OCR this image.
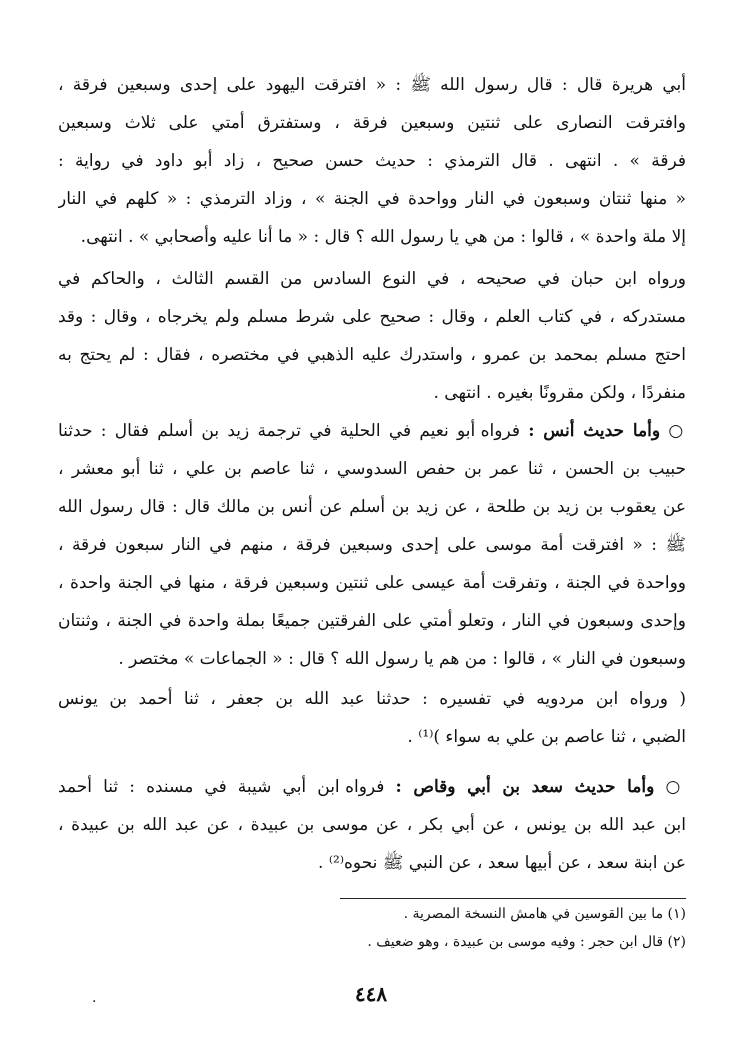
أبي هريرة قال : قال رسول الله ﷺ : « افترقت اليهود على إحدى وسبعين فرقة ،
وافترقت النصارى على ثنتين وسبعين فرقة ، وستفترق أمتي على ثلاث وسبعين
فرقة » . انتهى . قال الترمذي : حديث حسن صحيح ، زاد أبو داود في رواية :
« منها ثنتان وسبعون في النار وواحدة في الجنة » ، وزاد الترمذي : « كلهم في النار
إلا ملة واحدة » ، قالوا : من هي يا رسول الله ؟ قال : « ما أنا عليه وأصحابي » . انتهى.
ورواه ابن حبان في صحيحه ، في النوع السادس من القسم الثالث ، والحاكم في
مستدركه ، في كتاب العلم ، وقال : صحيح على شرط مسلم ولم يخرجاه ، وقال : وقد
احتج مسلم بمحمد بن عمرو ، واستدرك عليه الذهبي في مختصره ، فقال : لم يحتج به
منفردًا ، ولكن مقرونًا بغيره . انتهى .
○ وأما حديث أنس : فرواه أبو نعيم في الحلية في ترجمة زيد بن أسلم فقال : حدثنا
حبيب بن الحسن ، ثنا عمر بن حفص السدوسي ، ثنا عاصم بن علي ، ثنا أبو معشر ،
عن يعقوب بن زيد بن طلحة ، عن زيد بن أسلم عن أنس بن مالك قال : قال رسول الله
ﷺ : « افترقت أمة موسى على إحدى وسبعين فرقة ، منهم في النار سبعون فرقة ،
وواحدة في الجنة ، وتفرقت أمة عيسى على ثنتين وسبعين فرقة ، منها في الجنة واحدة ،
وإحدى وسبعون في النار ، وتعلو أمتي على الفرقتين جميعًا بملة واحدة في الجنة ، وثنتان
وسبعون في النار » ، قالوا : من هم يا رسول الله ؟ قال : « الجماعات » مختصر .
( ورواه ابن مردويه في تفسيره : حدثنا عبد الله بن جعفر ، ثنا أحمد بن يونس
الضبي ، ثنا عاصم بن علي به سواء )⁽¹⁾ .
○ وأما حديث سعد بن أبي وقاص : فرواه ابن أبي شيبة في مسنده : ثنا أحمد
ابن عبد الله بن يونس ، عن أبي بكر ، عن موسى بن عبيدة ، عن عبد الله بن عبيدة ،
عن ابنة سعد ، عن أبيها سعد ، عن النبي ﷺ نحوه⁽²⁾ .
(١) ما بين القوسين في هامش النسخة المصرية .
(٢) قال ابن حجر : وفيه موسى بن عبيدة ، وهو ضعيف .
٤٤٨
.
